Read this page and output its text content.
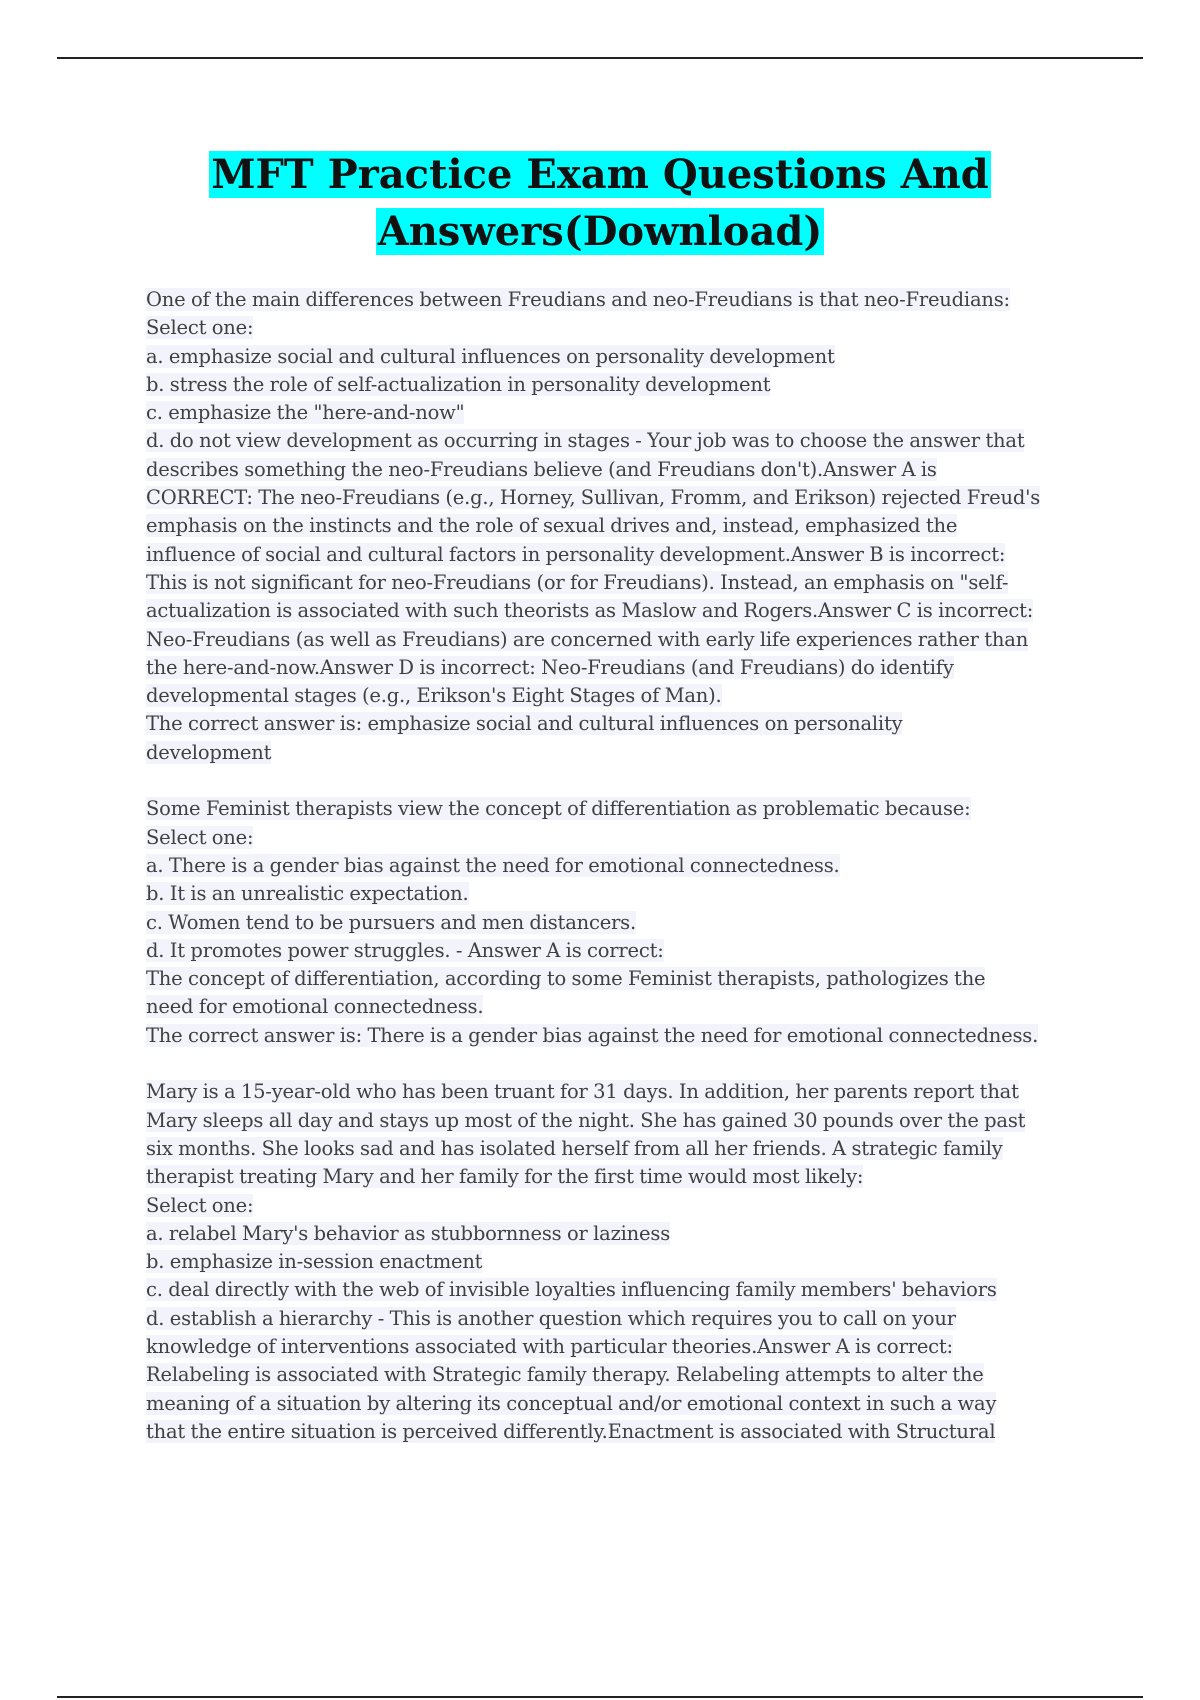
MFT Practice Exam Questions And
Answers(Download)
One of the main differences between Freudians and neo-Freudians is that neo-Freudians:
Select one:
a. emphasize social and cultural influences on personality development
b. stress the role of self-actualization in personality development
c. emphasize the "here-and-now"
d. do not view development as occurring in stages - Your job was to choose the answer that
describes something the neo-Freudians believe (and Freudians don't).Answer A is
CORRECT: The neo-Freudians (e.g., Horney, Sullivan, Fromm, and Erikson) rejected Freud's
emphasis on the instincts and the role of sexual drives and, instead, emphasized the
influence of social and cultural factors in personality development.Answer B is incorrect:
This is not significant for neo-Freudians (or for Freudians). Instead, an emphasis on "self-
actualization is associated with such theorists as Maslow and Rogers.Answer C is incorrect:
Neo-Freudians (as well as Freudians) are concerned with early life experiences rather than
the here-and-now.Answer D is incorrect: Neo-Freudians (and Freudians) do identify
developmental stages (e.g., Erikson's Eight Stages of Man).
The correct answer is: emphasize social and cultural influences on personality
development
Some Feminist therapists view the concept of differentiation as problematic because:
Select one:
a. There is a gender bias against the need for emotional connectedness.
b. It is an unrealistic expectation.
c. Women tend to be pursuers and men distancers.
d. It promotes power struggles. - Answer A is correct:
The concept of differentiation, according to some Feminist therapists, pathologizes the
need for emotional connectedness.
The correct answer is: There is a gender bias against the need for emotional connectedness.
Mary is a 15-year-old who has been truant for 31 days. In addition, her parents report that
Mary sleeps all day and stays up most of the night. She has gained 30 pounds over the past
six months. She looks sad and has isolated herself from all her friends. A strategic family
therapist treating Mary and her family for the first time would most likely:
Select one:
a. relabel Mary's behavior as stubbornness or laziness
b. emphasize in-session enactment
c. deal directly with the web of invisible loyalties influencing family members' behaviors
d. establish a hierarchy - This is another question which requires you to call on your
knowledge of interventions associated with particular theories.Answer A is correct:
Relabeling is associated with Strategic family therapy. Relabeling attempts to alter the
meaning of a situation by altering its conceptual and/or emotional context in such a way
that the entire situation is perceived differently.Enactment is associated with Structural
